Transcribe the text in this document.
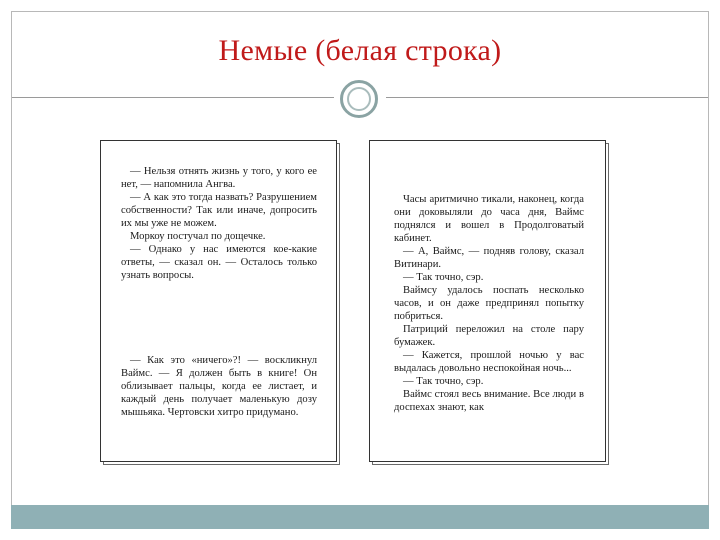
Немые (белая строка)

— Нельзя отнять жизнь у того, у кого ее нет, — напомнила Ангва.

— А как это тогда назвать? Разрушением собственности? Так или иначе, допросить их мы уже не можем.

Моркоу постучал по дощечке.

— Однако у нас имеются кое-какие ответы, — сказал он. — Осталось только узнать вопросы.

— Как это «ничего»?! — воскликнул Ваймс. — Я должен быть в книге! Он облизывает пальцы, когда ее листает, и каждый день получает маленькую дозу мышьяка. Чертовски хитро придумано.

Часы аритмично тикали, наконец, когда они доковыляли до часа дня, Ваймс поднялся и вошел в Продолговатый кабинет.

— А, Ваймс, — подняв голову, сказал Витинари.

— Так точно, сэр.

Ваймсу удалось поспать несколько часов, и он даже предпринял попытку побриться.

Патриций переложил на столе пару бумажек.

— Кажется, прошлой ночью у вас выдалась довольно неспокойная ночь...

— Так точно, сэр.

Ваймс стоял весь внимание. Все люди в доспехах знают, как
